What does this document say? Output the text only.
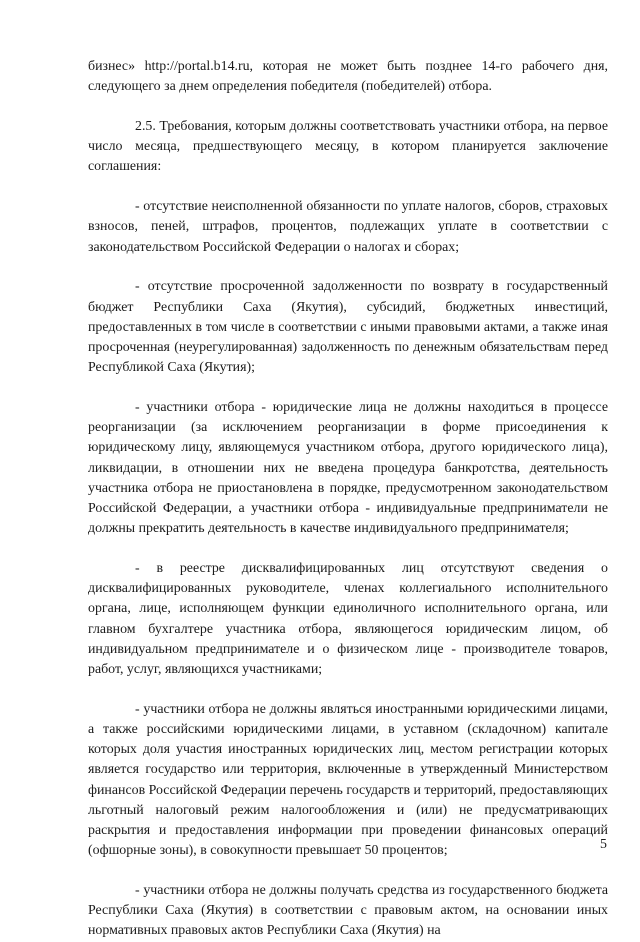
бизнес» http://portal.b14.ru, которая не может быть позднее 14-го рабочего дня, следующего за днем определения победителя (победителей) отбора.

2.5. Требования, которым должны соответствовать участники отбора, на первое число месяца, предшествующего месяцу, в котором планируется заключение соглашения:

- отсутствие неисполненной обязанности по уплате налогов, сборов, страховых взносов, пеней, штрафов, процентов, подлежащих уплате в соответствии с законодательством Российской Федерации о налогах и сборах;

- отсутствие просроченной задолженности по возврату в государственный бюджет Республики Саха (Якутия), субсидий, бюджетных инвестиций, предоставленных в том числе в соответствии с иными правовыми актами, а также иная просроченная (неурегулированная) задолженность по денежным обязательствам перед Республикой Саха (Якутия);

- участники отбора - юридические лица не должны находиться в процессе реорганизации (за исключением реорганизации в форме присоединения к юридическому лицу, являющемуся участником отбора, другого юридического лица), ликвидации, в отношении них не введена процедура банкротства, деятельность участника отбора не приостановлена в порядке, предусмотренном законодательством Российской Федерации, а участники отбора - индивидуальные предприниматели не должны прекратить деятельность в качестве индивидуального предпринимателя;

- в реестре дисквалифицированных лиц отсутствуют сведения о дисквалифицированных руководителе, членах коллегиального исполнительного органа, лице, исполняющем функции единоличного исполнительного органа, или главном бухгалтере участника отбора, являющегося юридическим лицом, об индивидуальном предпринимателе и о физическом лице - производителе товаров, работ, услуг, являющихся участниками;

- участники отбора не должны являться иностранными юридическими лицами, а также российскими юридическими лицами, в уставном (складочном) капитале которых доля участия иностранных юридических лиц, местом регистрации которых является государство или территория, включенные в утвержденный Министерством финансов Российской Федерации перечень государств и территорий, предоставляющих льготный налоговый режим налогообложения и (или) не предусматривающих раскрытия и предоставления информации при проведении финансовых операций (офшорные зоны), в совокупности превышает 50 процентов;

- участники отбора не должны получать средства из государственного бюджета Республики Саха (Якутия) в соответствии с правовым актом, на основании иных нормативных правовых актов Республики Саха (Якутия) на

5
